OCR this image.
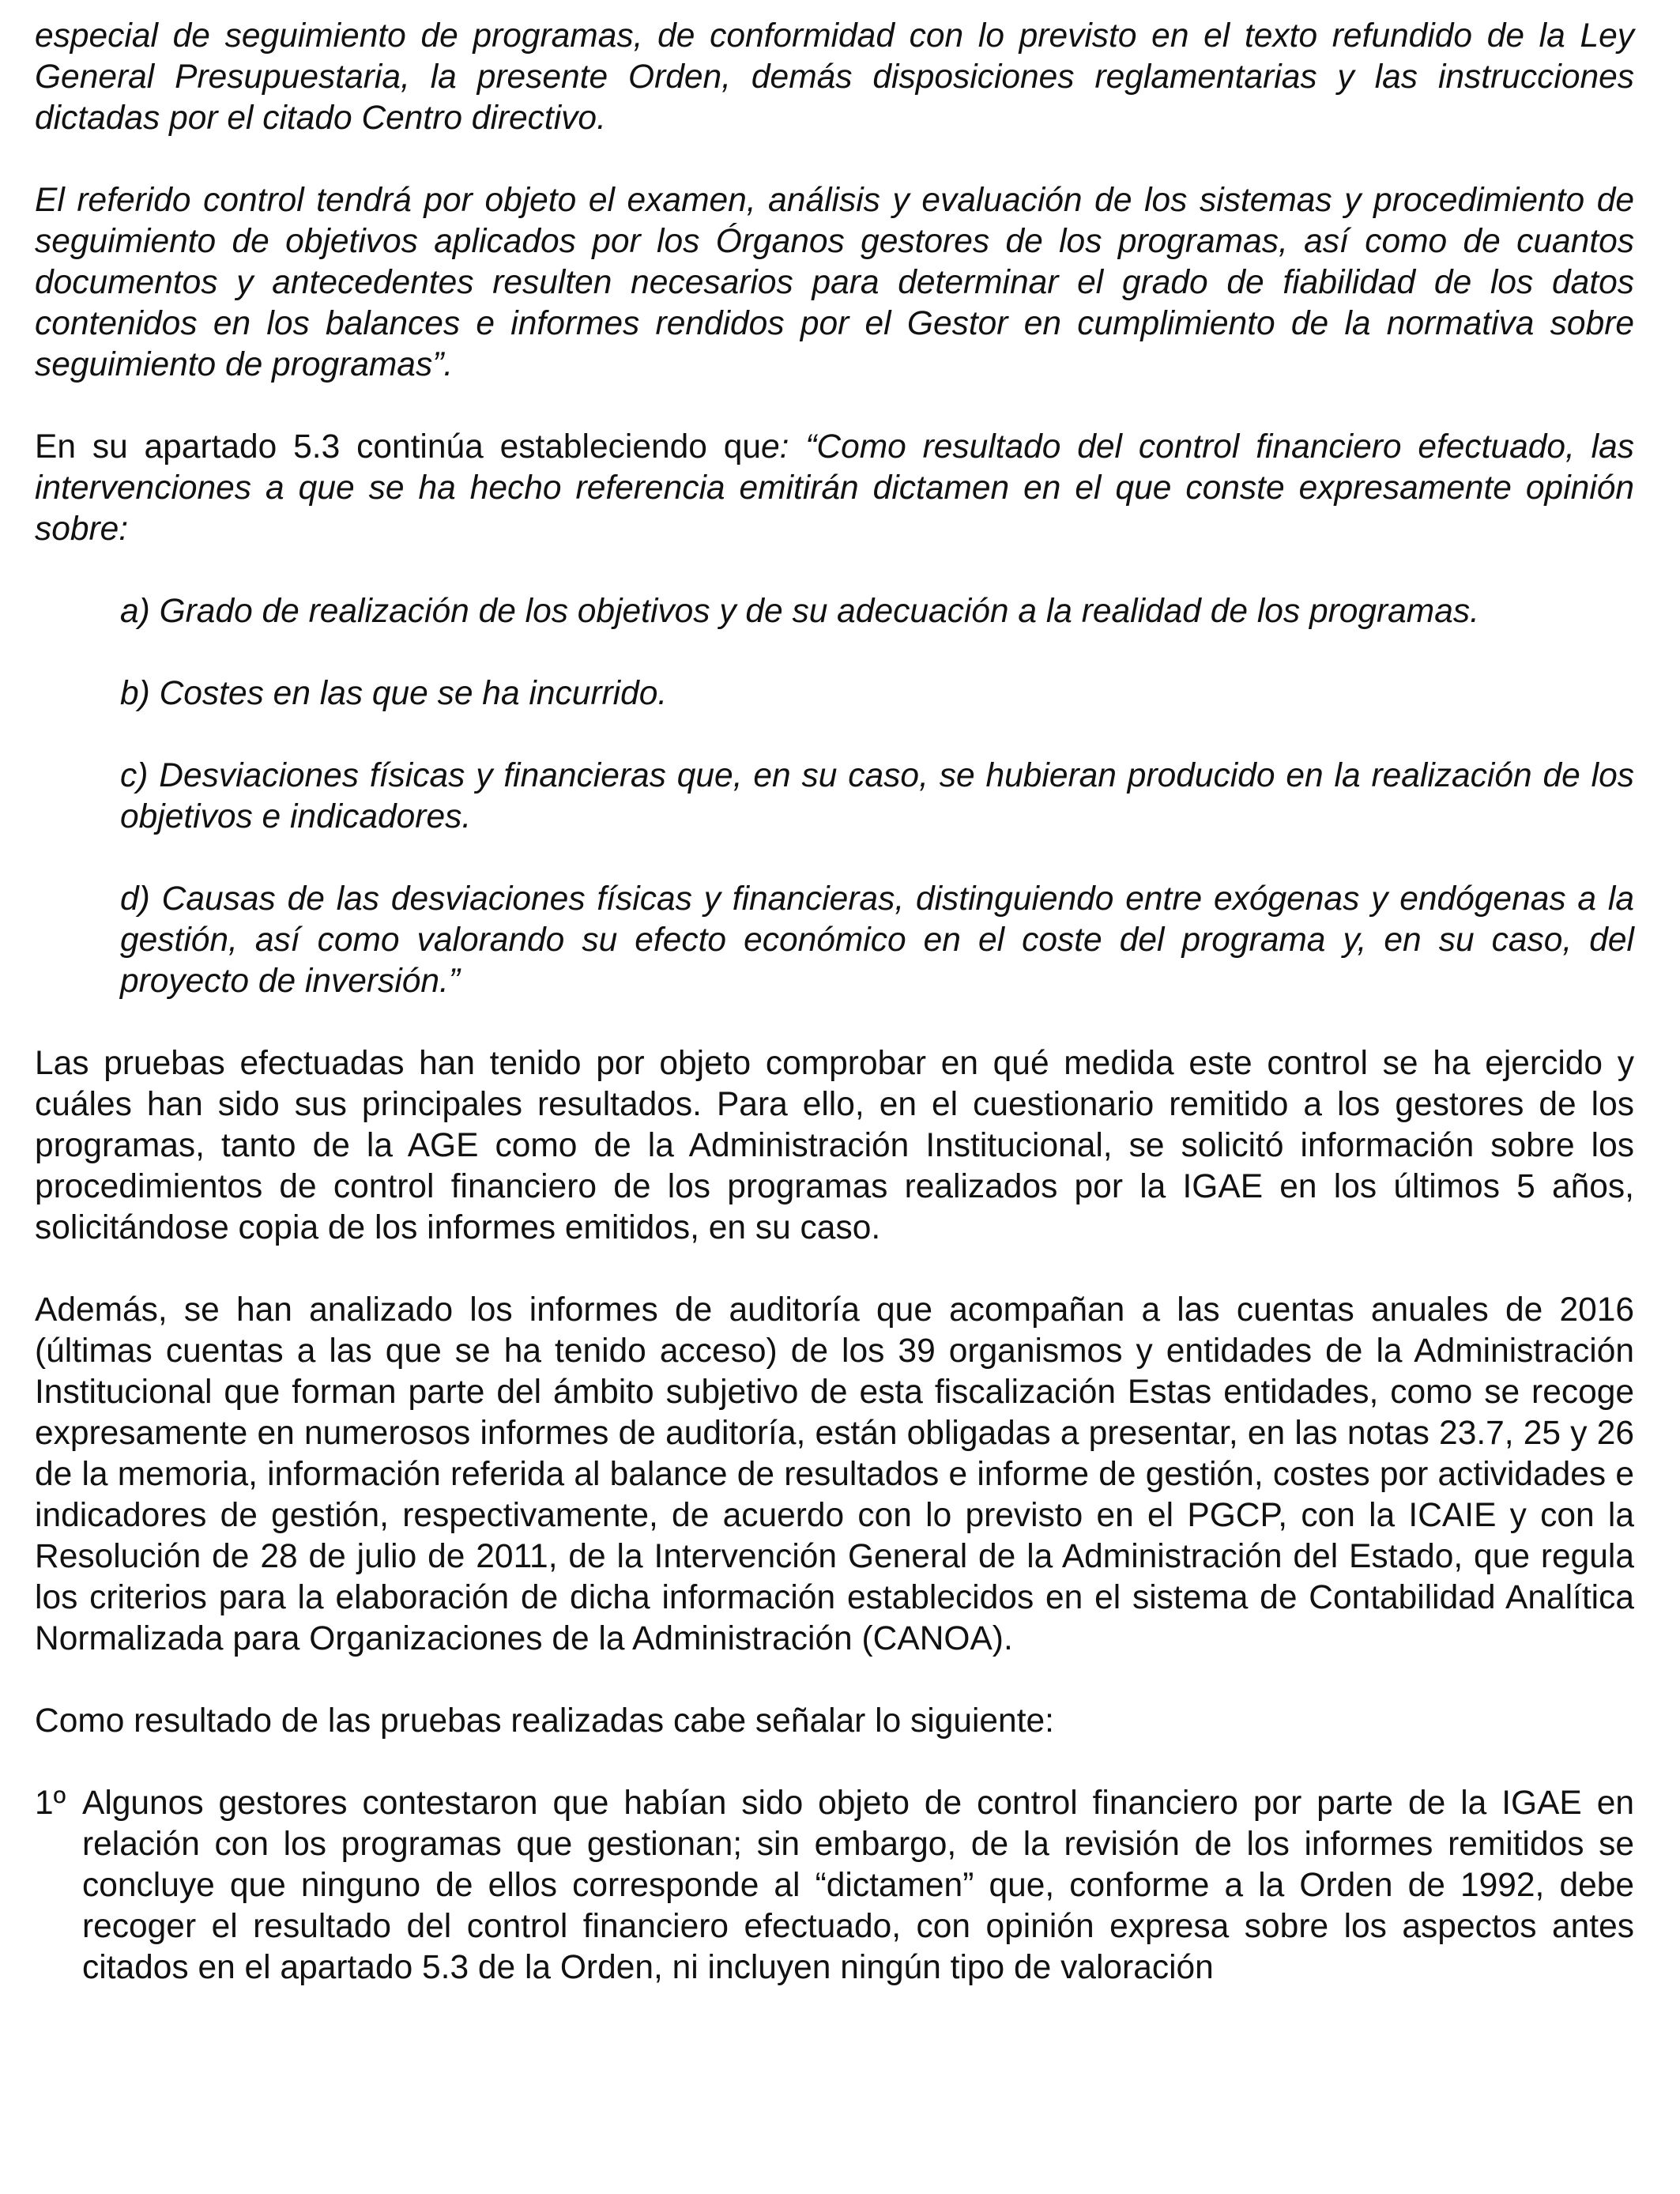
especial de seguimiento de programas, de conformidad con lo previsto en el texto refundido de la Ley General Presupuestaria, la presente Orden, demás disposiciones reglamentarias y las instrucciones dictadas por el citado Centro directivo.

El referido control tendrá por objeto el examen, análisis y evaluación de los sistemas y procedimiento de seguimiento de objetivos aplicados por los Órganos gestores de los programas, así como de cuantos documentos y antecedentes resulten necesarios para determinar el grado de fiabilidad de los datos contenidos en los balances e informes rendidos por el Gestor en cumplimiento de la normativa sobre seguimiento de programas”.

En su apartado 5.3 continúa estableciendo que: “Como resultado del control financiero efectuado, las intervenciones a que se ha hecho referencia emitirán dictamen en el que conste expresamente opinión sobre:

a) Grado de realización de los objetivos y de su adecuación a la realidad de los programas.

b) Costes en las que se ha incurrido.

c) Desviaciones físicas y financieras que, en su caso, se hubieran producido en la realización de los objetivos e indicadores.

d) Causas de las desviaciones físicas y financieras, distinguiendo entre exógenas y endógenas a la gestión, así como valorando su efecto económico en el coste del programa y, en su caso, del proyecto de inversión.”

Las pruebas efectuadas han tenido por objeto comprobar en qué medida este control se ha ejercido y cuáles han sido sus principales resultados. Para ello, en el cuestionario remitido a los gestores de los programas, tanto de la AGE como de la Administración Institucional, se solicitó información sobre los procedimientos de control financiero de los programas realizados por la IGAE en los últimos 5 años, solicitándose copia de los informes emitidos, en su caso.

Además, se han analizado los informes de auditoría que acompañan a las cuentas anuales de 2016 (últimas cuentas a las que se ha tenido acceso) de los 39 organismos y entidades de la Administración Institucional que forman parte del ámbito subjetivo de esta fiscalización Estas entidades, como se recoge expresamente en numerosos informes de auditoría, están obligadas a presentar, en las notas 23.7, 25 y 26 de la memoria, información referida al balance de resultados e informe de gestión, costes por actividades e indicadores de gestión, respectivamente, de acuerdo con lo previsto en el PGCP, con la ICAIE y con la Resolución de 28 de julio de 2011, de la Intervención General de la Administración del Estado, que regula los criterios para la elaboración de dicha información establecidos en el sistema de Contabilidad Analítica Normalizada para Organizaciones de la Administración (CANOA).

Como resultado de las pruebas realizadas cabe señalar lo siguiente:

1º Algunos gestores contestaron que habían sido objeto de control financiero por parte de la IGAE en relación con los programas que gestionan; sin embargo, de la revisión de los informes remitidos se concluye que ninguno de ellos corresponde al “dictamen” que, conforme a la Orden de 1992, debe recoger el resultado del control financiero efectuado, con opinión expresa sobre los aspectos antes citados en el apartado 5.3 de la Orden, ni incluyen ningún tipo de valoración
